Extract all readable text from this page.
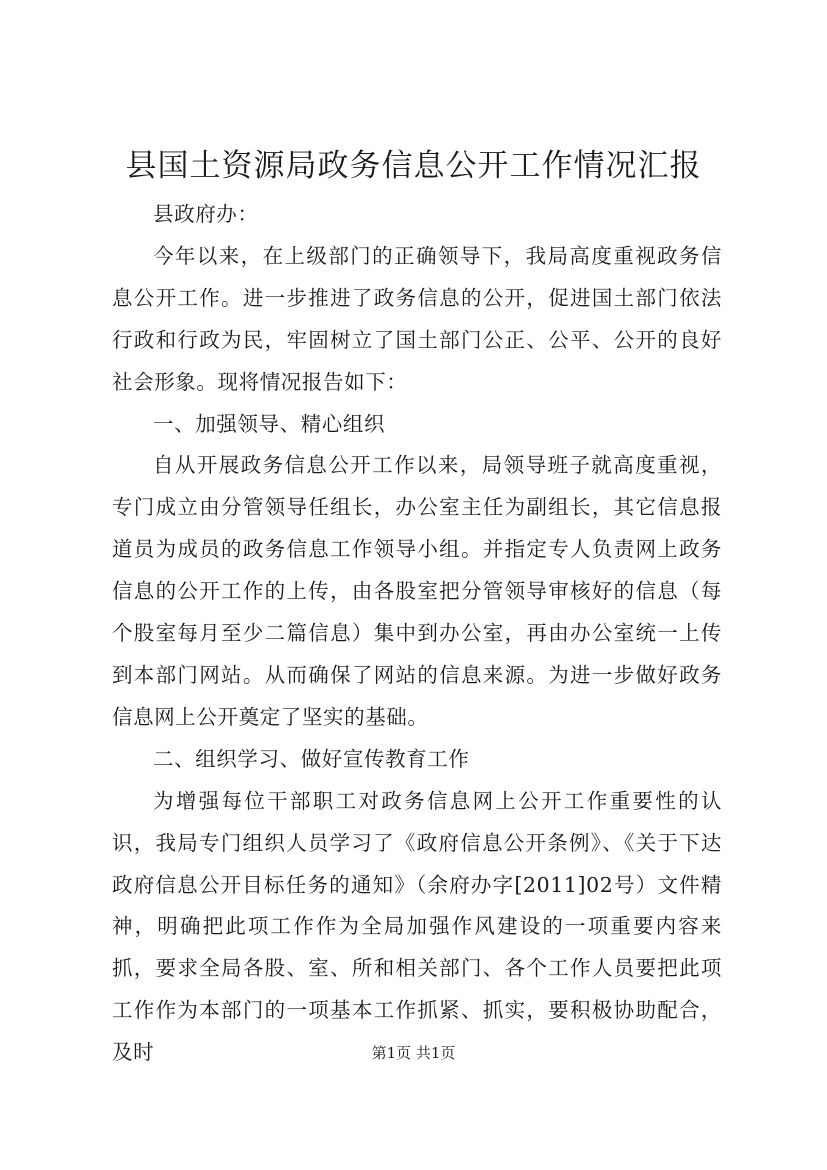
县国土资源局政务信息公开工作情况汇报

县政府办：

今年以来，在上级部门的正确领导下，我局高度重视政务信息公开工作。进一步推进了政务信息的公开，促进国土部门依法行政和行政为民，牢固树立了国土部门公正、公平、公开的良好社会形象。现将情况报告如下：

一、加强领导、精心组织

自从开展政务信息公开工作以来，局领导班子就高度重视，专门成立由分管领导任组长，办公室主任为副组长，其它信息报道员为成员的政务信息工作领导小组。并指定专人负责网上政务信息的公开工作的上传，由各股室把分管领导审核好的信息（每个股室每月至少二篇信息）集中到办公室，再由办公室统一上传到本部门网站。从而确保了网站的信息来源。为进一步做好政务信息网上公开奠定了坚实的基础。

二、组织学习、做好宣传教育工作

为增强每位干部职工对政务信息网上公开工作重要性的认识，我局专门组织人员学习了《政府信息公开条例》、《关于下达政府信息公开目标任务的通知》（余府办字[2011]02号）文件精神，明确把此项工作作为全局加强作风建设的一项重要内容来抓，要求全局各股、室、所和相关部门、各个工作人员要把此项工作作为本部门的一项基本工作抓紧、抓实，要积极协助配合，及时	第1页 共1页
